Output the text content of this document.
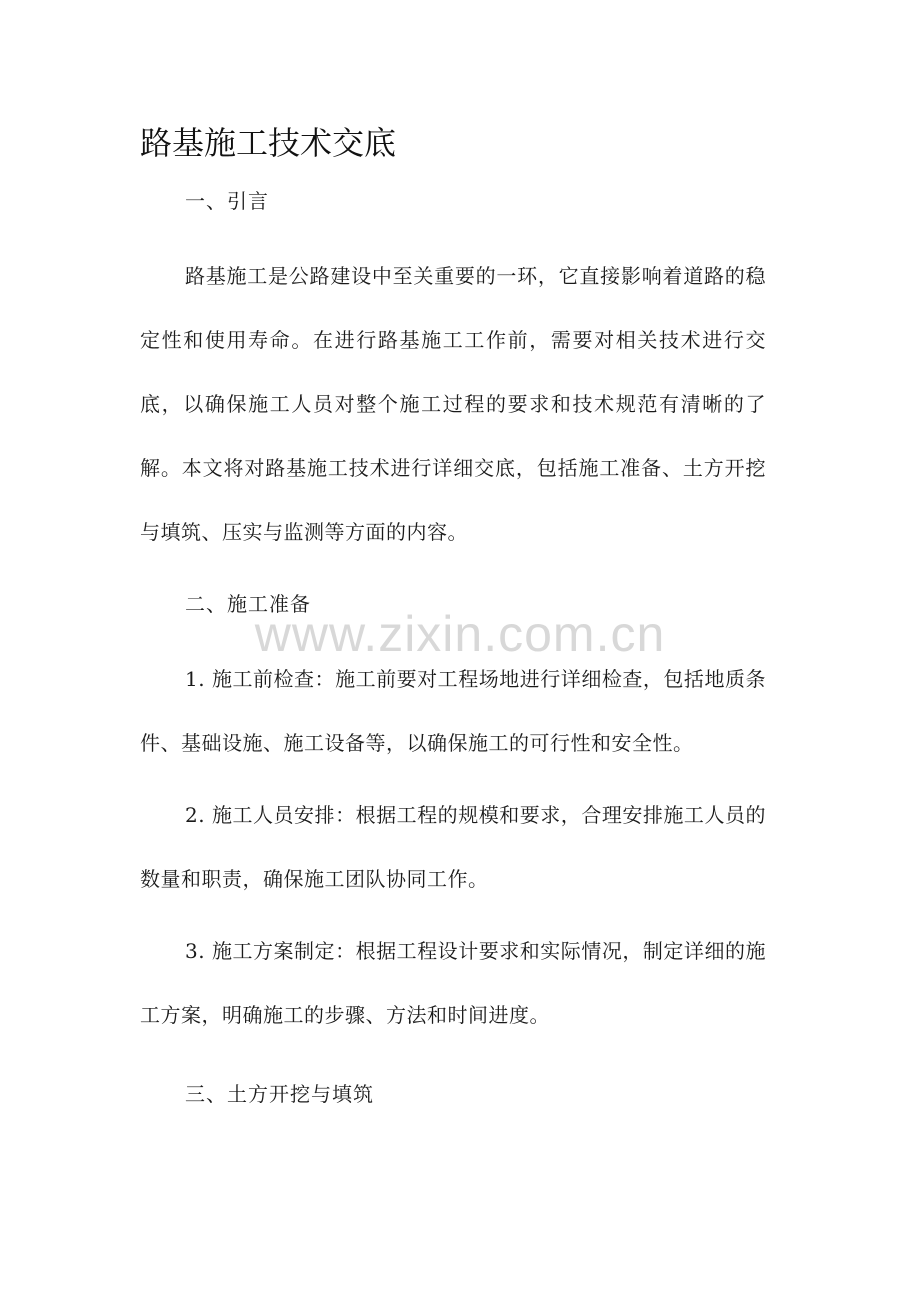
路基施工技术交底
一、引言

路基施工是公路建设中至关重要的一环，它直接影响着道路的稳定性和使用寿命。在进行路基施工工作前，需要对相关技术进行交底，以确保施工人员对整个施工过程的要求和技术规范有清晰的了解。本文将对路基施工技术进行详细交底，包括施工准备、土方开挖与填筑、压实与监测等方面的内容。

二、施工准备
www.zixin.com.cn

1. 施工前检查：施工前要对工程场地进行详细检查，包括地质条件、基础设施、施工设备等，以确保施工的可行性和安全性。

2. 施工人员安排：根据工程的规模和要求，合理安排施工人员的数量和职责，确保施工团队协同工作。

3. 施工方案制定：根据工程设计要求和实际情况，制定详细的施工方案，明确施工的步骤、方法和时间进度。

三、土方开挖与填筑
